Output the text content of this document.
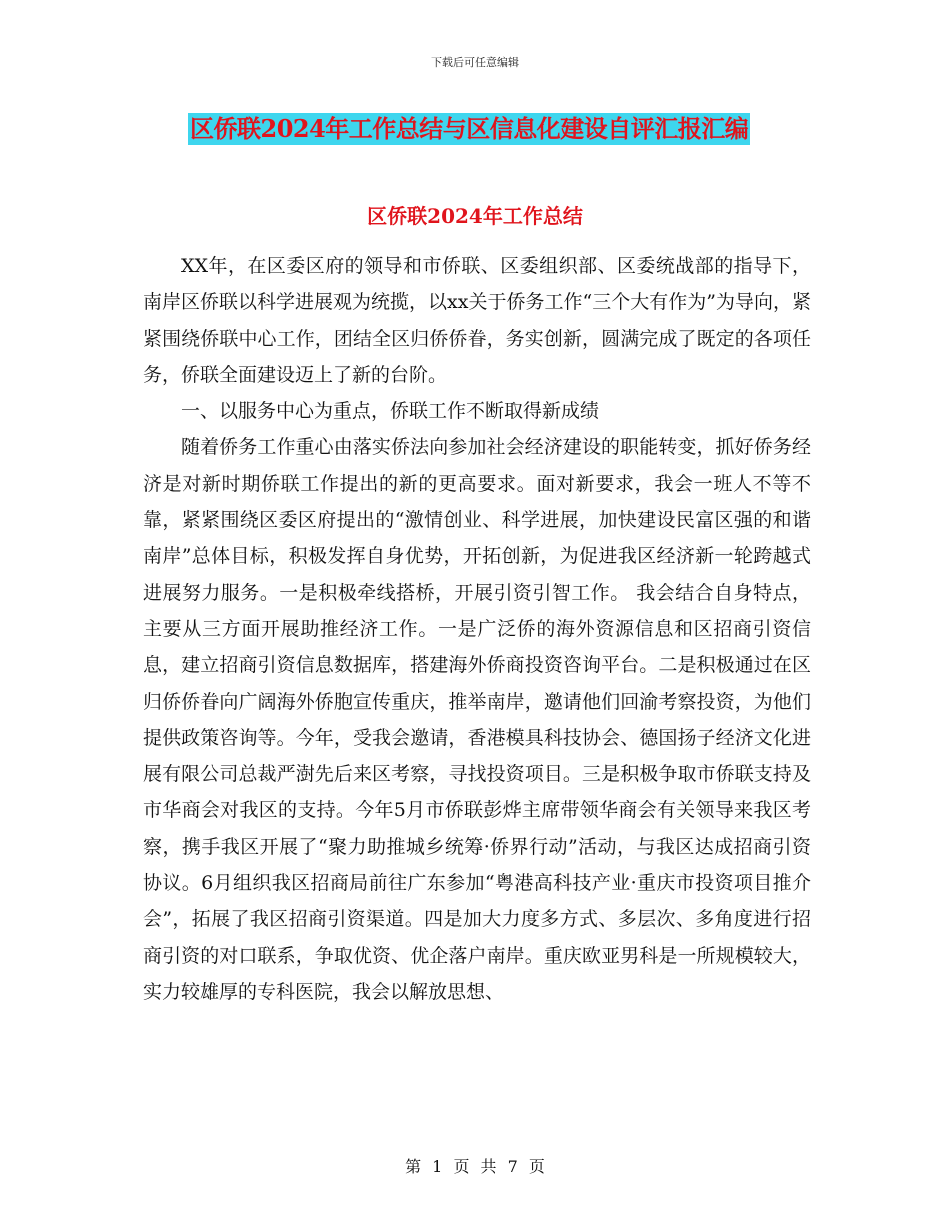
下载后可任意编辑
区侨联2024年工作总结与区信息化建设自评汇报汇编
区侨联2024年工作总结

XX年，在区委区府的领导和市侨联、区委组织部、区委统战部的指导下，南岸区侨联以科学进展观为统揽，以xx关于侨务工作“三个大有作为”为导向，紧紧围绕侨联中心工作，团结全区归侨侨眷，务实创新，圆满完成了既定的各项任务，侨联全面建设迈上了新的台阶。

一、以服务中心为重点，侨联工作不断取得新成绩

随着侨务工作重心由落实侨法向参加社会经济建设的职能转变，抓好侨务经济是对新时期侨联工作提出的新的更高要求。面对新要求，我会一班人不等不靠，紧紧围绕区委区府提出的“激情创业、科学进展，加快建设民富区强的和谐南岸”总体目标，积极发挥自身优势，开拓创新，为促进我区经济新一轮跨越式进展努力服务。一是积极牵线搭桥，开展引资引智工作。 我会结合自身特点，主要从三方面开展助推经济工作。一是广泛侨的海外资源信息和区招商引资信息，建立招商引资信息数据库，搭建海外侨商投资咨询平台。二是积极通过在区归侨侨眷向广阔海外侨胞宣传重庆，推举南岸，邀请他们回渝考察投资，为他们提供政策咨询等。今年，受我会邀请，香港模具科技协会、德国扬子经济文化进展有限公司总裁严澍先后来区考察，寻找投资项目。三是积极争取市侨联支持及市华商会对我区的支持。今年5月市侨联彭烨主席带领华商会有关领导来我区考察，携手我区开展了“聚力助推城乡统筹·侨界行动”活动，与我区达成招商引资协议。6月组织我区招商局前往广东参加“粤港高科技产业·重庆市投资项目推介会”，拓展了我区招商引资渠道。四是加大力度多方式、多层次、多角度进行招商引资的对口联系，争取优资、优企落户南岸。重庆欧亚男科是一所规模较大，实力较雄厚的专科医院，我会以解放思想、

第 1 页 共 7 页
